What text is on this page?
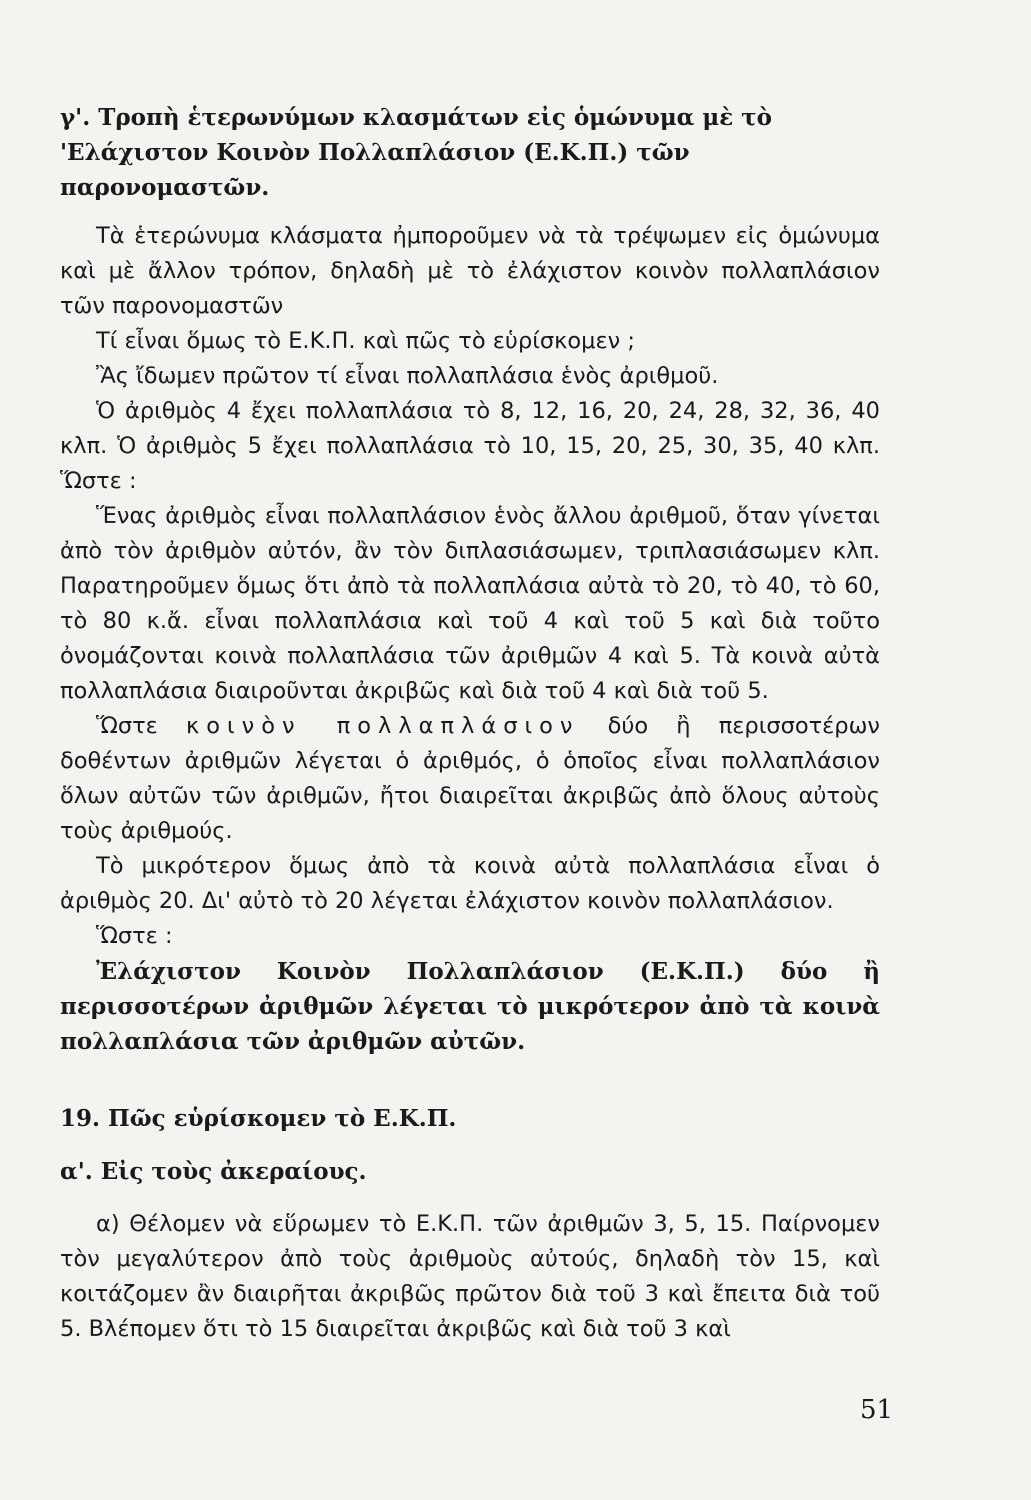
γ'. Τροπὴ ἑτερωνύμων κλασμάτων εἰς ὁμώνυμα μὲ τὸ 'Ελάχιστον Κοινὸν Πολλαπλάσιον (Ε.Κ.Π.) τῶν παρονομαστῶν.

Τὰ ἑτερώνυμα κλάσματα ἠμποροῦμεν νὰ τὰ τρέψωμεν εἰς ὁμώνυμα καὶ μὲ ἄλλον τρόπον, δηλαδὴ μὲ τὸ ἐλάχιστον κοινὸν πολλαπλάσιον τῶν παρονομαστῶν

Τί εἶναι ὅμως τὸ Ε.Κ.Π. καὶ πῶς τὸ εὑρίσκομεν ;

Ἂς ἴδωμεν πρῶτον τί εἶναι πολλαπλάσια ἑνὸς ἀριθμοῦ.

Ὁ ἀριθμὸς 4 ἔχει πολλαπλάσια τὸ 8, 12, 16, 20, 24, 28, 32, 36, 40 κλπ. Ὁ ἀριθμὸς 5 ἔχει πολλαπλάσια τὸ 10, 15, 20, 25, 30, 35, 40 κλπ. Ὥστε :

Ἕνας ἀριθμὸς εἶναι πολλαπλάσιον ἑνὸς ἄλλου ἀριθμοῦ, ὅταν γίνεται ἀπὸ τὸν ἀριθμὸν αὐτόν, ἂν τὸν διπλασιάσωμεν, τριπλασιάσωμεν κλπ. Παρατηροῦμεν ὅμως ὅτι ἀπὸ τὰ πολλαπλάσια αὐτὰ τὸ 20, τὸ 40, τὸ 60, τὸ 80 κ.ἄ. εἶναι πολλαπλάσια καὶ τοῦ 4 καὶ τοῦ 5 καὶ διὰ τοῦτο ὀνομάζονται κοινὰ πολλαπλάσια τῶν ἀριθμῶν 4 καὶ 5. Τὰ κοινὰ αὐτὰ πολλαπλάσια διαιροῦνται ἀκριβῶς καὶ διὰ τοῦ 4 καὶ διὰ τοῦ 5.

Ὥστε κοινὸν πολλαπλάσιον δύο ἢ περισσοτέρων δοθέντων ἀριθμῶν λέγεται ὁ ἀριθμός, ὁ ὁποῖος εἶναι πολλαπλάσιον ὅλων αὐτῶν τῶν ἀριθμῶν, ἤτοι διαιρεῖται ἀκριβῶς ἀπὸ ὅλους αὐτοὺς τοὺς ἀριθμούς.

Τὸ μικρότερον ὅμως ἀπὸ τὰ κοινὰ αὐτὰ πολλαπλάσια εἶναι ὁ ἀριθμὸς 20. Δι' αὐτὸ τὸ 20 λέγεται ἐλάχιστον κοινὸν πολλαπλάσιον.

Ὥστε :

Ἐλάχιστον Κοινὸν Πολλαπλάσιον (Ε.Κ.Π.) δύο ἢ περισσοτέρων ἀριθμῶν λέγεται τὸ μικρότερον ἀπὸ τὰ κοινὰ πολλαπλάσια τῶν ἀριθμῶν αὐτῶν.

19. Πῶς εὑρίσκομεν τὸ Ε.Κ.Π.

α'. Εἰς τοὺς ἀκεραίους.

α) Θέλομεν νὰ εὕρωμεν τὸ Ε.Κ.Π. τῶν ἀριθμῶν 3, 5, 15. Παίρνομεν τὸν μεγαλύτερον ἀπὸ τοὺς ἀριθμοὺς αὐτούς, δηλαδὴ τὸν 15, καὶ κοιτάζομεν ἂν διαιρῆται ἀκριβῶς πρῶτον διὰ τοῦ 3 καὶ ἔπειτα διὰ τοῦ 5. Βλέπομεν ὅτι τὸ 15 διαιρεῖται ἀκριβῶς καὶ διὰ τοῦ 3 καὶ

51
